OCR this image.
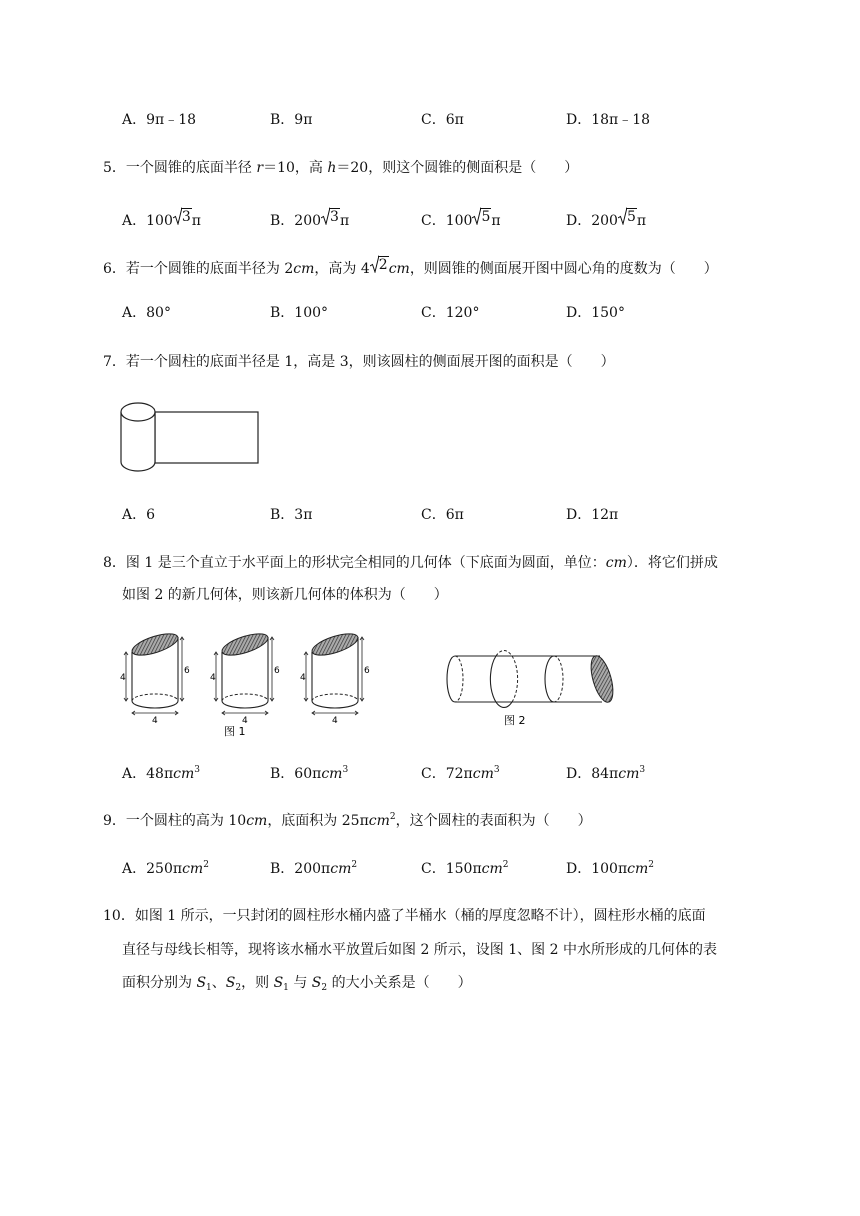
A．9π﹣18	B．9π	C．6π	D．18π﹣18
5．一个圆锥的底面半径 r＝10，高 h＝20，则这个圆锥的侧面积是（　　）
A．100 3 π	B．200 3 π	C．100 5 π	D．200 5 π
6．若一个圆锥的底面半径为 2cm，高为 4 2 cm，则圆锥的侧面展开图中圆心角的度数为（　　）
A．80°	B．100°	C．120°	D．150°
7．若一个圆柱的底面半径是 1，高是 3，则该圆柱的侧面展开图的面积是（　　）
A．6	B．3π	C．6π	D．12π
8．图 1 是三个直立于水平面上的形状完全相同的几何体（下底面为圆面，单位：cm）．将它们拼成
如图 2 的新几何体，则该新几何体的体积为（　　）
4
6
4
4
6
4
图 1
4
6
4	图 2
A．48πcm$^3$	B．60πcm$^3$	C．72πcm$^3$	D．84πcm$^3$
9．一个圆柱的高为 10cm，底面积为 25πcm$^2$，这个圆柱的表面积为（　　）
A．250πcm$^2$	B．200πcm$^2$	C．150πcm$^2$	D．100πcm$^2$
10．如图 1 所示，一只封闭的圆柱形水桶内盛了半桶水（桶的厚度忽略不计），圆柱形水桶的底面
直径与母线长相等，现将该水桶水平放置后如图 2 所示，设图 1、图 2 中水所形成的几何体的表
面积分别为 $S_1$、$S_2$，则 $S_1$ 与 $S_2$ 的大小关系是（　　）
